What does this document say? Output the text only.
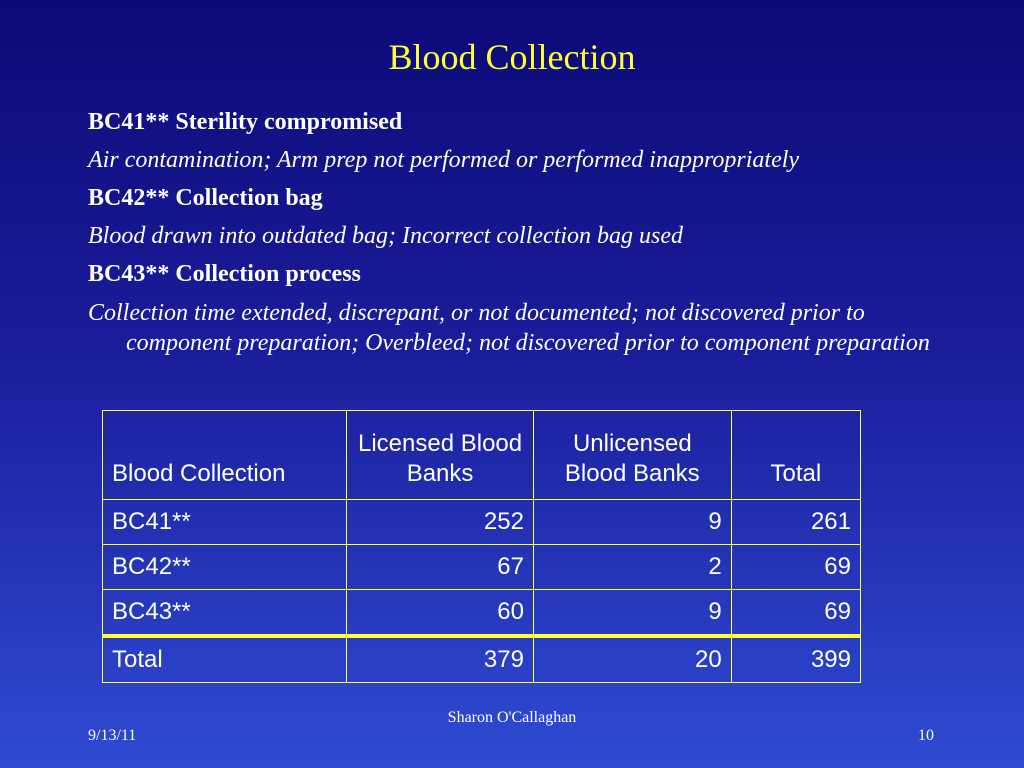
Blood Collection
BC41** Sterility compromised
Air contamination; Arm prep not performed or performed inappropriately
BC42** Collection bag
Blood drawn into outdated bag; Incorrect collection bag used
BC43** Collection process
Collection time extended, discrepant, or not documented; not discovered prior to component preparation; Overbleed; not discovered prior to component preparation
Blood Collection	Licensed Blood Banks	Unlicensed Blood Banks	Total
BC41**	252	9	261
BC42**	67	2	69
BC43**	60	9	69
Total	379	20	399
Sharon O'Callaghan
9/13/11	10
